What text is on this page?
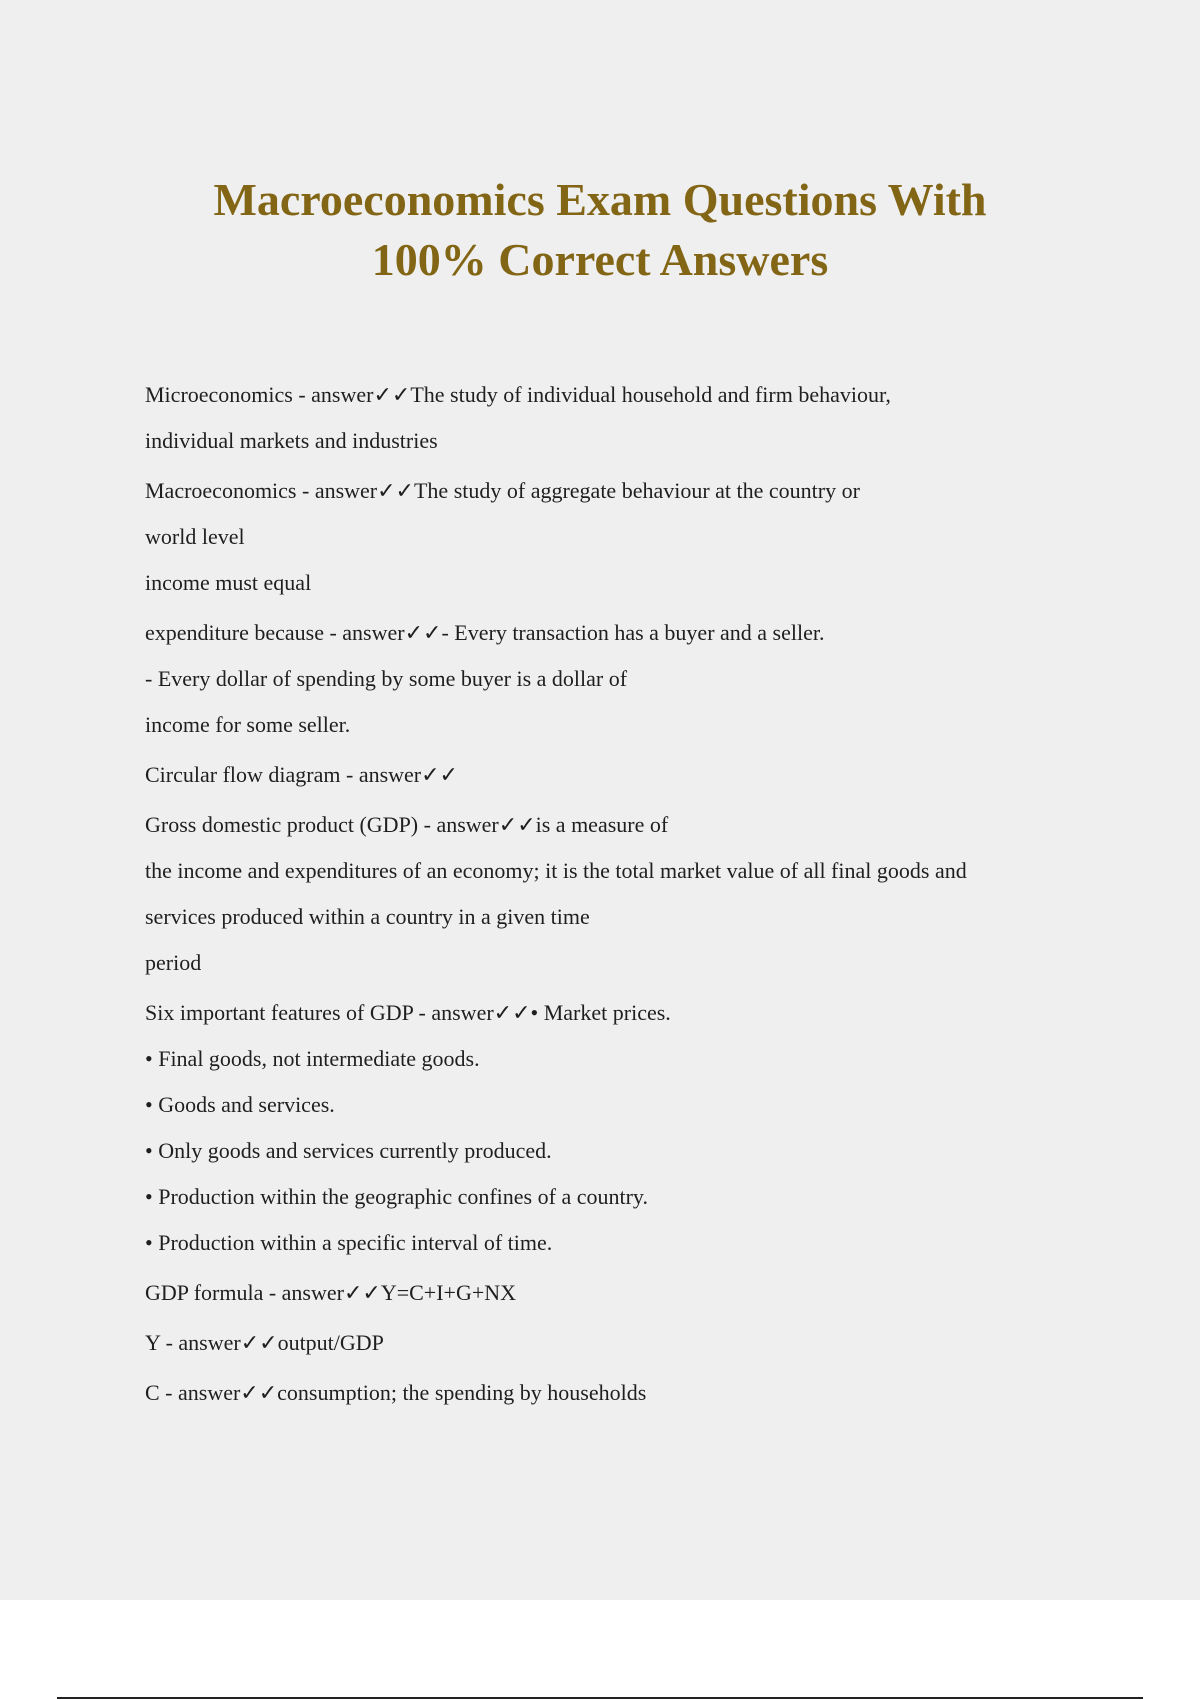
Macroeconomics Exam Questions With
100% Correct Answers

Microeconomics - answer✓✓The study of individual household and firm behaviour,

individual markets and industries

Macroeconomics - answer✓✓The study of aggregate behaviour at the country or

world level

income must equal

expenditure because - answer✓✓- Every transaction has a buyer and a seller.

- Every dollar of spending by some buyer is a dollar of

income for some seller.

Circular flow diagram - answer✓✓

Gross domestic product (GDP) - answer✓✓is a measure of

the income and expenditures of an economy; it is the total market value of all final goods and

services produced within a country in a given time

period

Six important features of GDP - answer✓✓• Market prices.

• Final goods, not intermediate goods.

• Goods and services.

• Only goods and services currently produced.

• Production within the geographic confines of a country.

• Production within a specific interval of time.

GDP formula - answer✓✓Y=C+I+G+NX

Y - answer✓✓output/GDP

C - answer✓✓consumption; the spending by households
